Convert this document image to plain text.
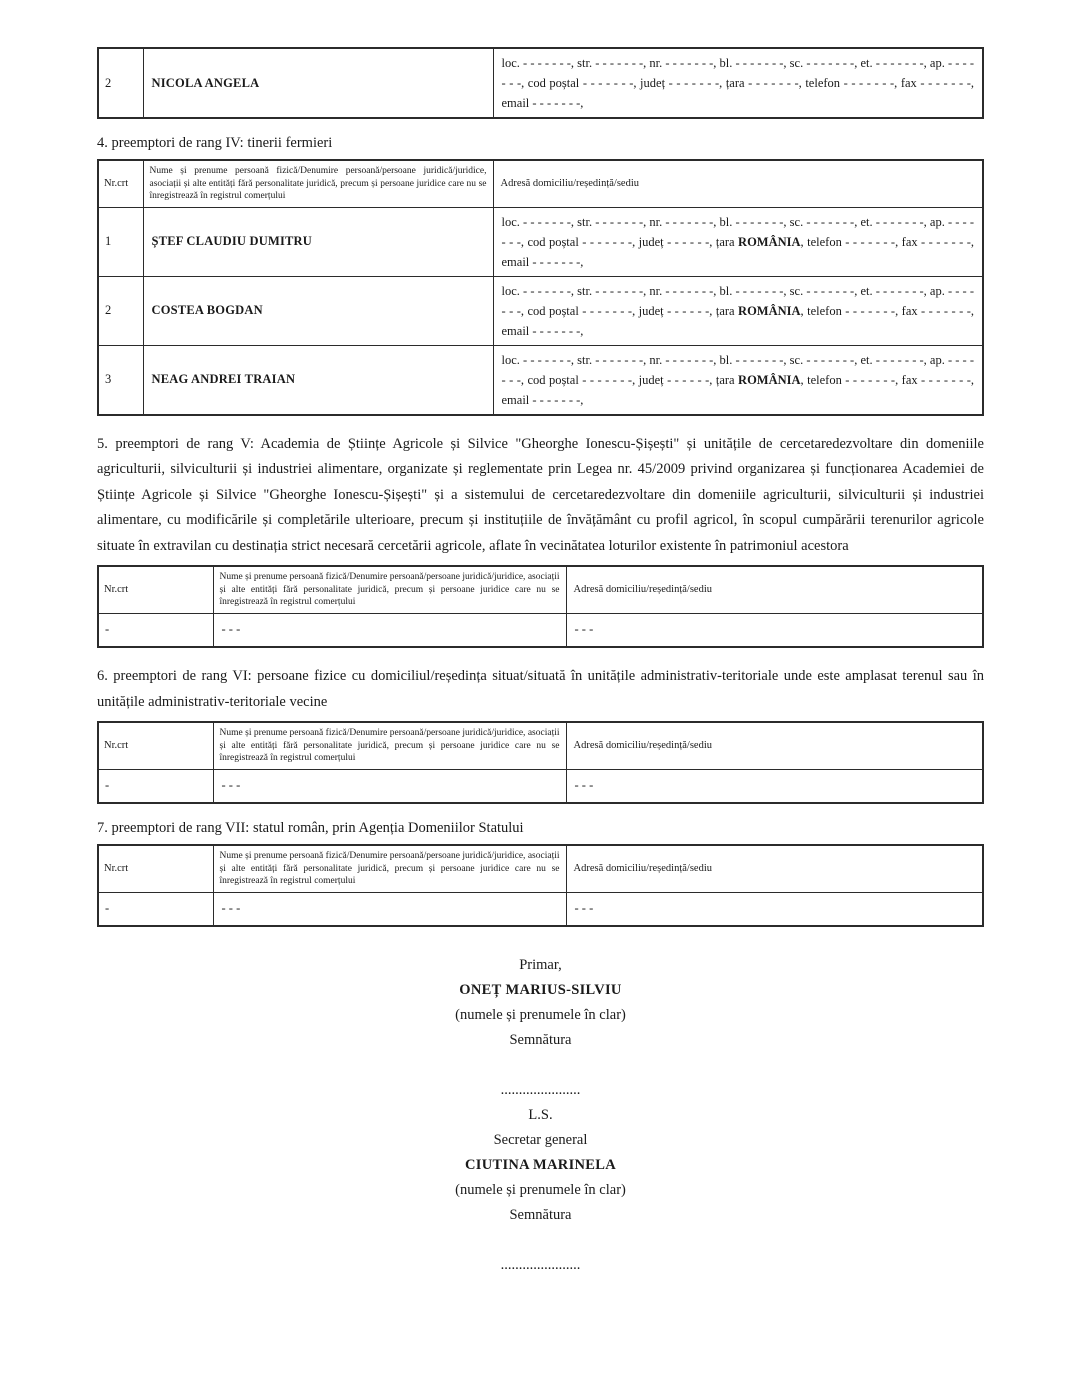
2	NICOLA ANGELA	loc. - - - - - - -, str. - - - - - - -, nr. - - - - - - -, bl. - - - - - - -, sc. - - - - - - -, et. - - - - - - -, ap. - - - - - - -, cod poștal - - - - - - -, județ - - - - - - -, țara - - - - - - -, telefon - - - - - - -, fax - - - - - - -, email - - - - - - -,
4. preemptori de rang IV: tinerii fermieri
Nr.crt	Nume și prenume persoană fizică/Denumire persoană/persoane juridică/juridice, asociații și alte entități fără personalitate juridică, precum și persoane juridice care nu se înregistrează în registrul comerțului	Adresă domiciliu/reședință/sediu
1	ȘTEF CLAUDIU DUMITRU	loc. - - - - - - -, str. - - - - - - -, nr. - - - - - - -, bl. - - - - - - -, sc. - - - - - - -, et. - - - - - - -, ap. - - - - - - -, cod poștal - - - - - - -, județ - - - - - -, țara ROMÂNIA, telefon - - - - - - -, fax - - - - - - -, email - - - - - - -,
2	COSTEA BOGDAN	loc. - - - - - - -, str. - - - - - - -, nr. - - - - - - -, bl. - - - - - - -, sc. - - - - - - -, et. - - - - - - -, ap. - - - - - - -, cod poștal - - - - - - -, județ - - - - - -, țara ROMÂNIA, telefon - - - - - - -, fax - - - - - - -, email - - - - - - -,
3	NEAG ANDREI TRAIAN	loc. - - - - - - -, str. - - - - - - -, nr. - - - - - - -, bl. - - - - - - -, sc. - - - - - - -, et. - - - - - - -, ap. - - - - - - -, cod poștal - - - - - - -, județ - - - - - -, țara ROMÂNIA, telefon - - - - - - -, fax - - - - - - -, email - - - - - - -,
5. preemptori de rang V: Academia de Științe Agricole și Silvice "Gheorghe Ionescu-Șișești" și unitățile de cercetaredezvoltare din domeniile agriculturii, silviculturii și industriei alimentare, organizate și reglementate prin Legea nr. 45/2009 privind organizarea și funcționarea Academiei de Științe Agricole și Silvice "Gheorghe Ionescu-Șișești" și a sistemului de cercetaredezvoltare din domeniile agriculturii, silviculturii și industriei alimentare, cu modificările și completările ulterioare, precum și instituțiile de învățământ cu profil agricol, în scopul cumpărării terenurilor agricole situate în extravilan cu destinația strict necesară cercetării agricole, aflate în vecinătatea loturilor existente în patrimoniul acestora
Nr.crt	Nume și prenume persoană fizică/Denumire persoană/persoane juridică/juridice, asociații și alte entități fără personalitate juridică, precum și persoane juridice care nu se înregistrează în registrul comerțului	Adresă domiciliu/reședință/sediu
-	- - -	- - -
6. preemptori de rang VI: persoane fizice cu domiciliul/reședința situat/situată în unitățile administrativ-teritoriale unde este amplasat terenul sau în unitățile administrativ-teritoriale vecine
Nr.crt	Nume și prenume persoană fizică/Denumire persoană/persoane juridică/juridice, asociații și alte entități fără personalitate juridică, precum și persoane juridice care nu se înregistrează în registrul comerțului	Adresă domiciliu/reședință/sediu
-	- - -	- - -
7. preemptori de rang VII: statul român, prin Agenția Domeniilor Statului
Nr.crt	Nume și prenume persoană fizică/Denumire persoană/persoane juridică/juridice, asociații și alte entități fără personalitate juridică, precum și persoane juridice care nu se înregistrează în registrul comerțului	Adresă domiciliu/reședință/sediu
-	- - -	- - -
Primar,
ONEȚ MARIUS-SILVIU
(numele și prenumele în clar)
Semnătura
......................
L.S.
Secretar general
CIUTINA MARINELA
(numele și prenumele în clar)
Semnătura
......................
